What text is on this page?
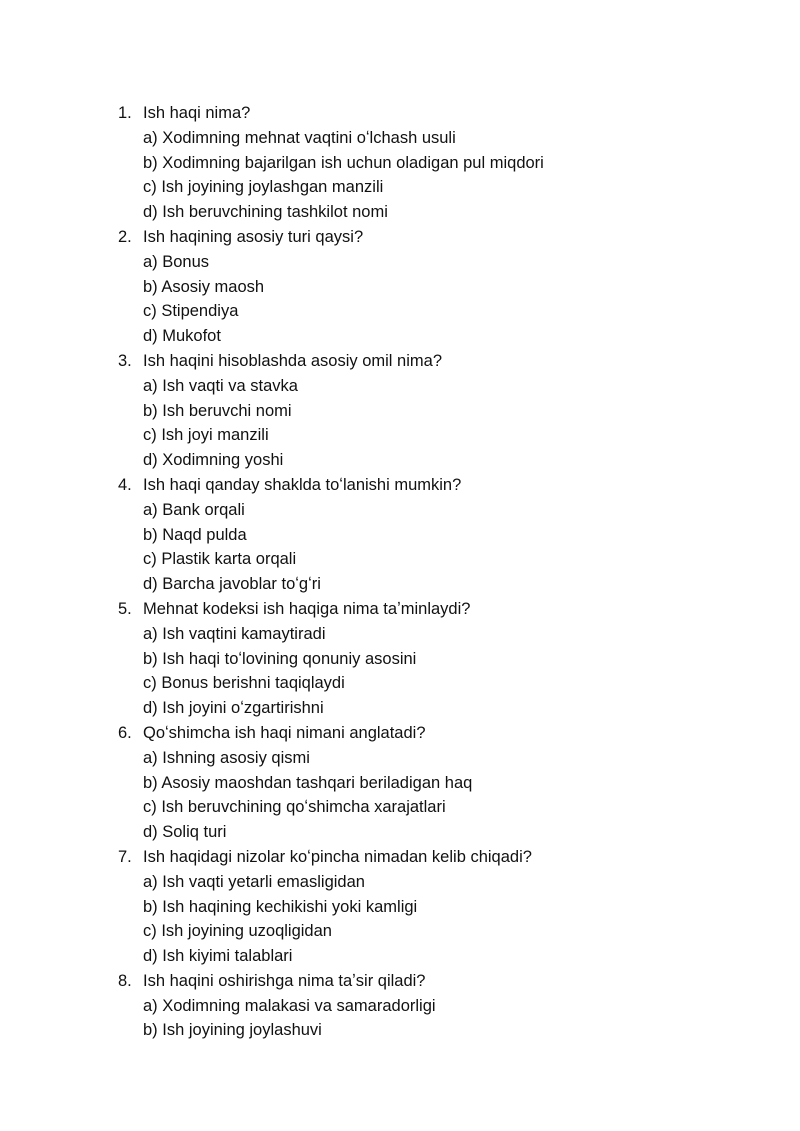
1. Ish haqi nima?
a) Xodimning mehnat vaqtini oʻlchash usuli
b) Xodimning bajarilgan ish uchun oladigan pul miqdori
c) Ish joyining joylashgan manzili
d) Ish beruvchining tashkilot nomi
2. Ish haqining asosiy turi qaysi?
a) Bonus
b) Asosiy maosh
c) Stipendiya
d) Mukofot
3. Ish haqini hisoblashda asosiy omil nima?
a) Ish vaqti va stavka
b) Ish beruvchi nomi
c) Ish joyi manzili
d) Xodimning yoshi
4. Ish haqi qanday shaklda toʻlanishi mumkin?
a) Bank orqali
b) Naqd pulda
c) Plastik karta orqali
d) Barcha javoblar toʻgʻri
5. Mehnat kodeksi ish haqiga nima taʼminlaydi?
a) Ish vaqtini kamaytiradi
b) Ish haqi toʻlovining qonuniy asosini
c) Bonus berishni taqiqlaydi
d) Ish joyini oʻzgartirishni
6. Qoʻshimcha ish haqi nimani anglatadi?
a) Ishning asosiy qismi
b) Asosiy maoshdan tashqari beriladigan haq
c) Ish beruvchining qoʻshimcha xarajatlari
d) Soliq turi
7. Ish haqidagi nizolar koʻpincha nimadan kelib chiqadi?
a) Ish vaqti yetarli emasligidan
b) Ish haqining kechikishi yoki kamligi
c) Ish joyining uzoqligidan
d) Ish kiyimi talablari
8. Ish haqini oshirishga nima taʼsir qiladi?
a) Xodimning malakasi va samaradorligi
b) Ish joyining joylashuvi
